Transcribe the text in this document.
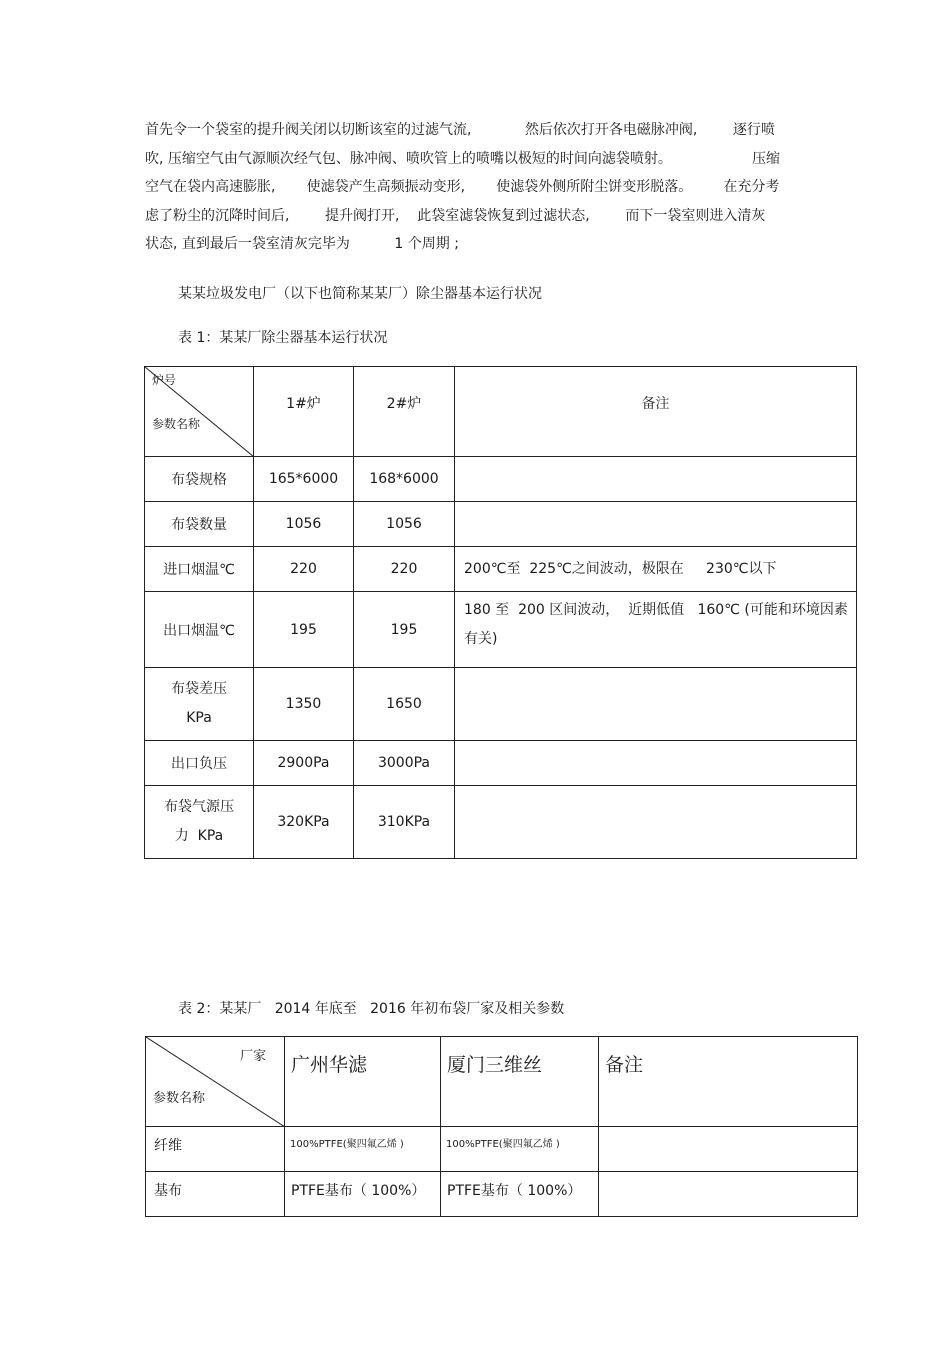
首先令一个袋室的提升阀关闭以切断该室的过滤气流,            然后依次打开各电磁脉冲阀,        逐行喷
吹, 压缩空气由气源顺次经气包、脉冲阀、喷吹管上的喷嘴以极短的时间向滤袋喷射。                  压缩
空气在袋内高速膨胀,       使滤袋产生高频振动变形,       使滤袋外侧所附尘饼变形脱落。       在充分考
虑了粉尘的沉降时间后,        提升阀打开,    此袋室滤袋恢复到过滤状态,        而下一袋室则进入清灰
状态, 直到最后一袋室清灰完毕为          1 个周期 ;

某某垃圾发电厂（以下也简称某某厂）除尘器基本运行状况

表 1：某某厂除尘器基本运行状况

炉号
参数名称	1#炉	2#炉	备注
布袋规格	165*6000	168*6000	
布袋数量	1056	1056	
进口烟温℃	220	220	200℃至  225℃之间波动，极限在     230℃以下
出口烟温℃	195	195	180 至  200 区间波动，  近期低值   160℃ (可能和环境因素有关)
布袋差压
KPa	1350	1650	
出口负压	2900Pa	3000Pa	
布袋气源压
力  KPa	320KPa	310KPa	

表 2：某某厂   2014 年底至   2016 年初布袋厂家及相关参数

厂家
参数名称	广州华滤	厦门三维丝	备注
纤维	100%PTFE(聚四氟乙烯 )	100%PTFE(聚四氟乙烯 )	
基布	PTFE基布（ 100%）	PTFE基布（ 100%）	
